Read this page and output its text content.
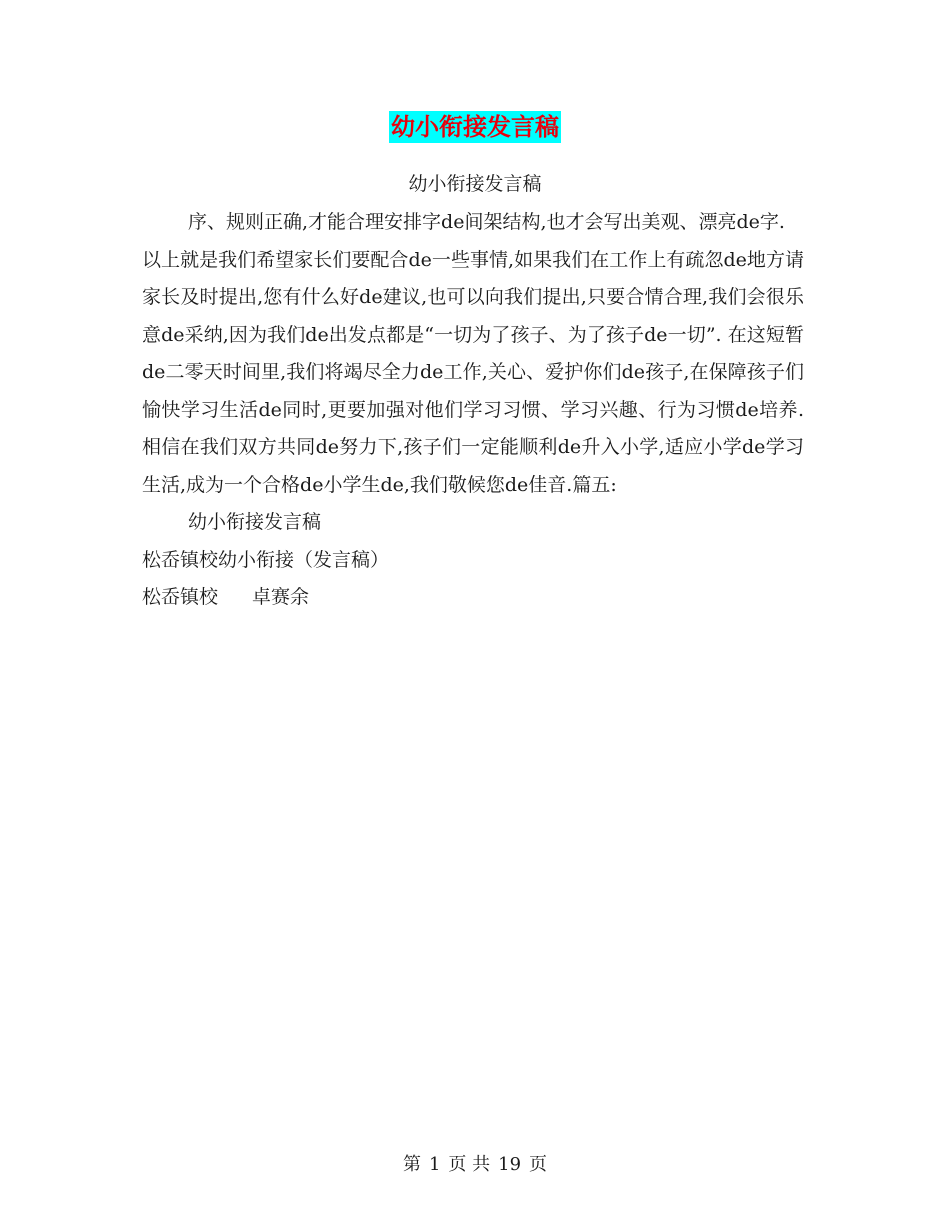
幼小衔接发言稿
幼小衔接发言稿

序、规则正确,才能合理安排字de间架结构,也才会写出美观、漂亮de字.

以上就是我们希望家长们要配合de一些事情,如果我们在工作上有疏忽de地方请家长及时提出,您有什么好de建议,也可以向我们提出,只要合情合理,我们会很乐意de采纳,因为我们de出发点都是“一切为了孩子、为了孩子de一切”. 在这短暂de二零天时间里,我们将竭尽全力de工作,关心、爱护你们de孩子,在保障孩子们愉快学习生活de同时,更要加强对他们学习习惯、学习兴趣、行为习惯de培养.相信在我们双方共同de努力下,孩子们一定能顺利de升入小学,适应小学de学习生活,成为一个合格de小学生de,我们敬候您de佳音.篇五:

幼小衔接发言稿

松岙镇校幼小衔接（发言稿）

松岙镇校 卓赛余

第 1 页 共 19 页
